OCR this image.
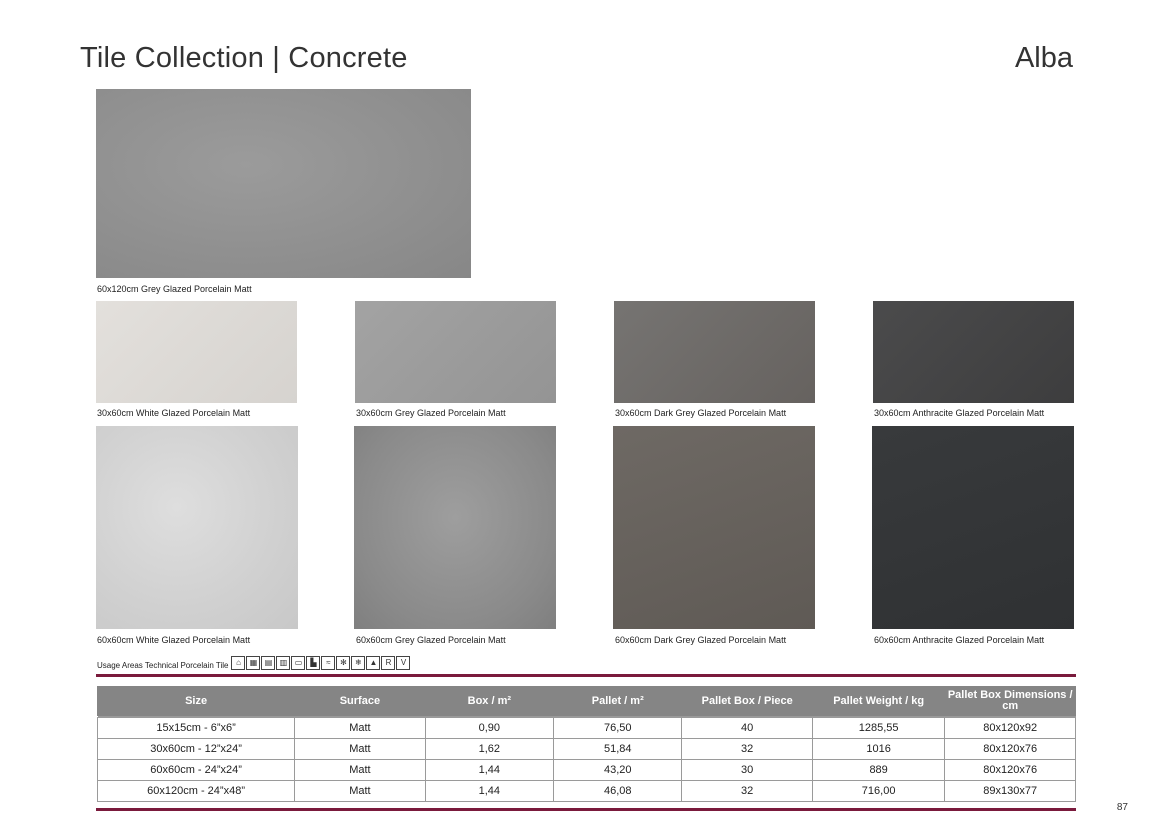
Tile Collection | Concrete	Alba
60x120cm Grey Glazed Porcelain Matt
30x60cm White Glazed Porcelain Matt	30x60cm Grey Glazed Porcelain Matt	30x60cm Dark Grey Glazed Porcelain Matt	30x60cm Anthracite Glazed Porcelain Matt
60x60cm White Glazed Porcelain Matt	60x60cm Grey Glazed Porcelain Matt	60x60cm Dark Grey Glazed Porcelain Matt	60x60cm Anthracite Glazed Porcelain Matt
Usage Areas Technical Porcelain Tile ⌂	▦ ▤ ▥ ▭	▙	≈	✻	❄ ▲	R	V
Size	Surface	Box / m²	Pallet / m²	Pallet Box / Piece	Pallet Weight / kg	Pallet Box Dimensions / cm

15x15cm - 6”x6”	Matt	0,90	76,50	40	1285,55	80x120x92
30x60cm - 12”x24”	Matt	1,62	51,84	32	1016	80x120x76
60x60cm - 24”x24”	Matt	1,44	43,20	30	889	80x120x76
60x120cm - 24”x48”	Matt	1,44	46,08	32	716,00	89x130x77
87
